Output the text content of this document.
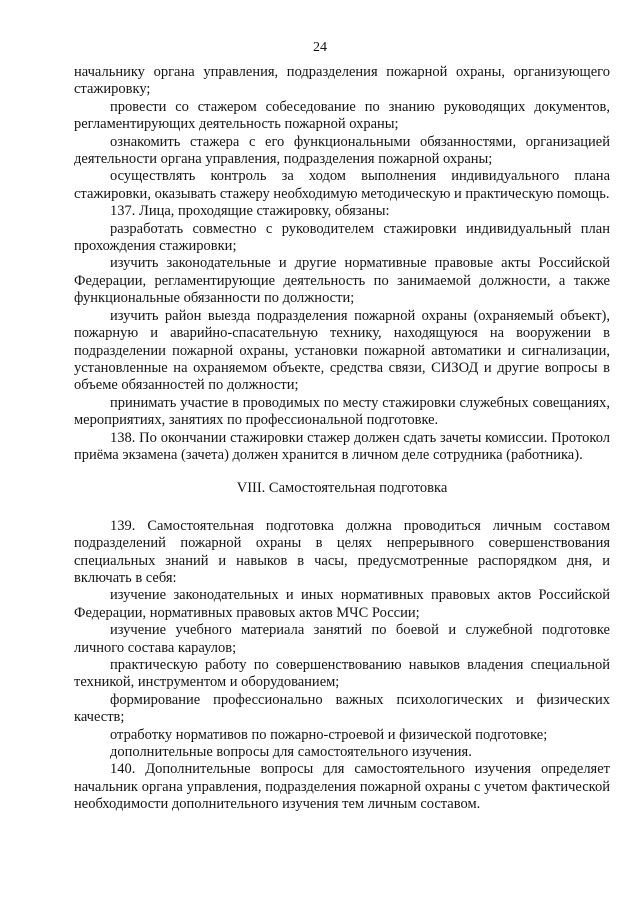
24

начальнику органа управления, подразделения пожарной охраны, организующего стажировку;

провести со стажером собеседование по знанию руководящих документов, регламентирующих деятельность пожарной охраны;

ознакомить стажера с его функциональными обязанностями, организацией деятельности органа управления, подразделения пожарной охраны;

осуществлять контроль за ходом выполнения индивидуального плана стажировки, оказывать стажеру необходимую методическую и практическую помощь.

137. Лица, проходящие стажировку, обязаны:

разработать совместно с руководителем стажировки индивидуальный план прохождения стажировки;

изучить законодательные и другие нормативные правовые акты Российской Федерации, регламентирующие деятельность по занимаемой должности, а также функциональные обязанности по должности;

изучить район выезда подразделения пожарной охраны (охраняемый объект), пожарную и аварийно-спасательную технику, находящуюся на вооружении в подразделении пожарной охраны, установки пожарной автоматики и сигнализации, установленные на охраняемом объекте, средства связи, СИЗОД и другие вопросы в объеме обязанностей по должности;

принимать участие в проводимых по месту стажировки служебных совещаниях, мероприятиях, занятиях по профессиональной подготовке.

138. По окончании стажировки стажер должен сдать зачеты комиссии. Протокол приёма экзамена (зачета) должен хранится в личном деле сотрудника (работника).

VIII. Самостоятельная подготовка

139. Самостоятельная подготовка должна проводиться личным составом подразделений пожарной охраны в целях непрерывного совершенствования специальных знаний и навыков в часы, предусмотренные распорядком дня, и включать в себя:

изучение законодательных и иных нормативных правовых актов Российской Федерации, нормативных правовых актов МЧС России;

изучение учебного материала занятий по боевой и служебной подготовке личного состава караулов;

практическую работу по совершенствованию навыков владения специальной техникой, инструментом и оборудованием;

формирование профессионально важных психологических и физических качеств;

отработку нормативов по пожарно-строевой и физической подготовке;

дополнительные вопросы для самостоятельного изучения.

140. Дополнительные вопросы для самостоятельного изучения определяет начальник органа управления, подразделения пожарной охраны с учетом фактической необходимости дополнительного изучения тем личным составом.
